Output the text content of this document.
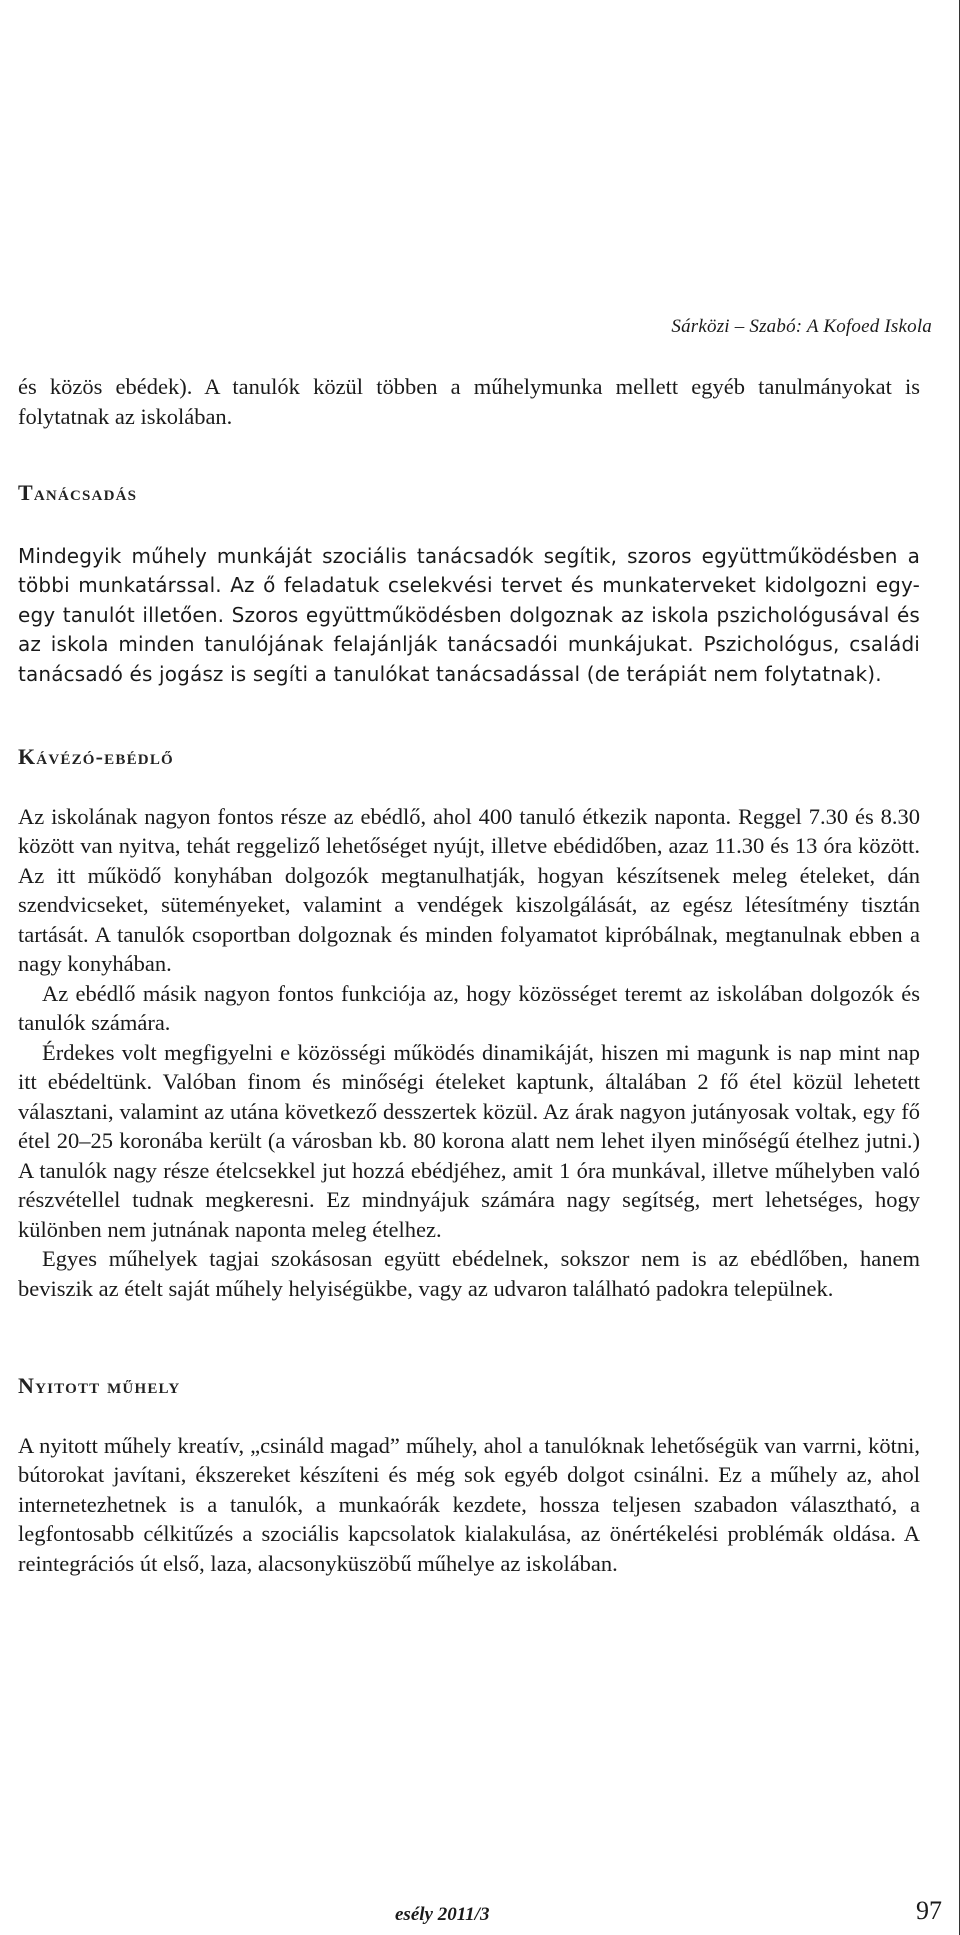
Sárközi – Szabó: A Kofoed Iskola

és közös ebédek). A tanulók közül többen a műhelymunka mellett egyéb tanulmányokat is folytatnak az iskolában.

Tanácsadás

Mindegyik műhely munkáját szociális tanácsadók segítik, szoros együttműködésben a többi munkatárssal. Az ő feladatuk cselekvési tervet és munkaterveket kidolgozni egy-egy tanulót illetően. Szoros együttműködésben dolgoznak az iskola pszichológusával és az iskola minden tanulójának felajánlják tanácsadói munkájukat. Pszichológus, családi tanácsadó és jogász is segíti a tanulókat tanácsadással (de terápiát nem folytatnak).

Kávézó-ebédlő

Az iskolának nagyon fontos része az ebédlő, ahol 400 tanuló étkezik naponta. Reggel 7.30 és 8.30 között van nyitva, tehát reggeliző lehetőséget nyújt, illetve ebédidőben, azaz 11.30 és 13 óra között. Az itt működő konyhában dolgozók megtanulhatják, hogyan készítsenek meleg ételeket, dán szendvicseket, süteményeket, valamint a vendégek kiszolgálását, az egész létesítmény tisztán tartását. A tanulók csoportban dolgoznak és minden folyamatot kipróbálnak, megtanulnak ebben a nagy konyhában.

Az ebédlő másik nagyon fontos funkciója az, hogy közösséget teremt az iskolában dolgozók és tanulók számára.

Érdekes volt megfigyelni e közösségi működés dinamikáját, hiszen mi magunk is nap mint nap itt ebédeltünk. Valóban finom és minőségi ételeket kaptunk, általában 2 fő étel közül lehetett választani, valamint az utána következő desszertek közül. Az árak nagyon jutányosak voltak, egy fő étel 20–25 koronába került (a városban kb. 80 korona alatt nem lehet ilyen minőségű ételhez jutni.) A tanulók nagy része ételcsekkel jut hozzá ebédjéhez, amit 1 óra munkával, illetve műhelyben való részvétellel tudnak megkeresni. Ez mindnyájuk számára nagy segítség, mert lehetséges, hogy különben nem jutnának naponta meleg ételhez.

Egyes műhelyek tagjai szokásosan együtt ebédelnek, sokszor nem is az ebédlőben, hanem beviszik az ételt saját műhely helyiségükbe, vagy az udvaron található padokra települnek.

Nyitott műhely

A nyitott műhely kreatív, „csináld magad” műhely, ahol a tanulóknak lehetőségük van varrni, kötni, bútorokat javítani, ékszereket készíteni és még sok egyéb dolgot csinálni. Ez a műhely az, ahol internetezhetnek is a tanulók, a munkaórák kezdete, hossza teljesen szabadon választható, a legfontosabb célkitűzés a szociális kapcsolatok kialakulása, az önértékelési problémák oldása. A reintegrációs út első, laza, alacsonyküszöbű műhelye az iskolában.

esély 2011/3	97
